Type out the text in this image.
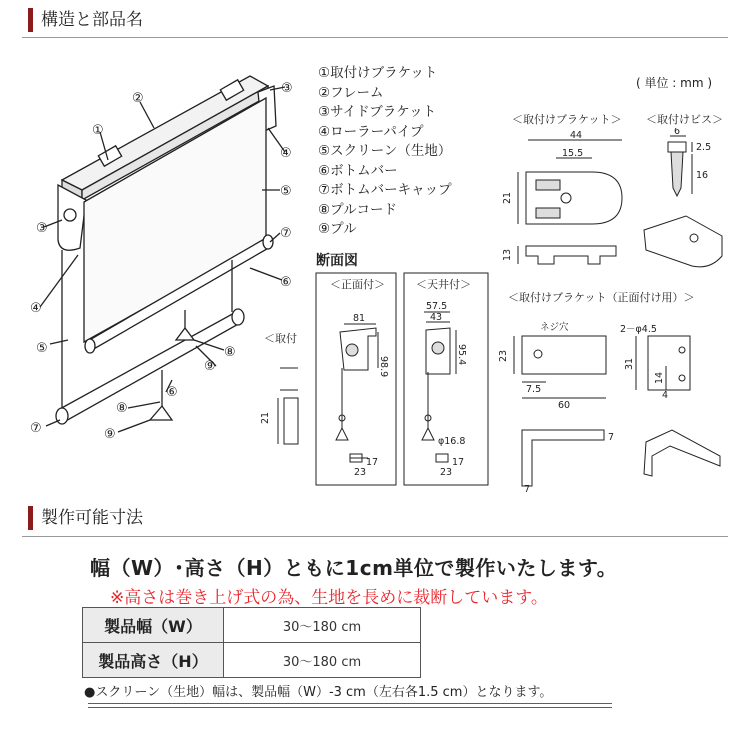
構造と部品名
①
②
③
③
④
④
⑤
⑤
⑦
⑦
⑥
⑥
⑧
⑧
⑨
⑨
①取付けブラケット
②フレーム
③サイドブラケット
④ローラーパイプ
⑤スクリーン（生地）
⑥ボトムバー
⑦ボトムバーキャップ
⑧プルコード
⑨プル
( 単位 : mm )
断面図
＜正面付＞	＜天井付＞
＜取付
81
98.9
17
23
57.5
43
95.4
φ16.8
17
23
21
＜取付けブラケット＞ ＜取付けビス＞
44
15.5
21
13
6
2.5
16
＜取付けブラケット（正面付け用）＞
ネジ穴	2－φ4.5
23
7.5
60
31
14
4
7
7
製作可能寸法
幅（W）･高さ（H）ともに1cm単位で製作いたします。
※高さは巻き上げ式の為、生地を長めに裁断しています。
製品幅（W）	30～180 cm
製品高さ（H）	30～180 cm
●スクリーン（生地）幅は、製品幅（W）-3 cm（左右各1.5 cm）となります。
